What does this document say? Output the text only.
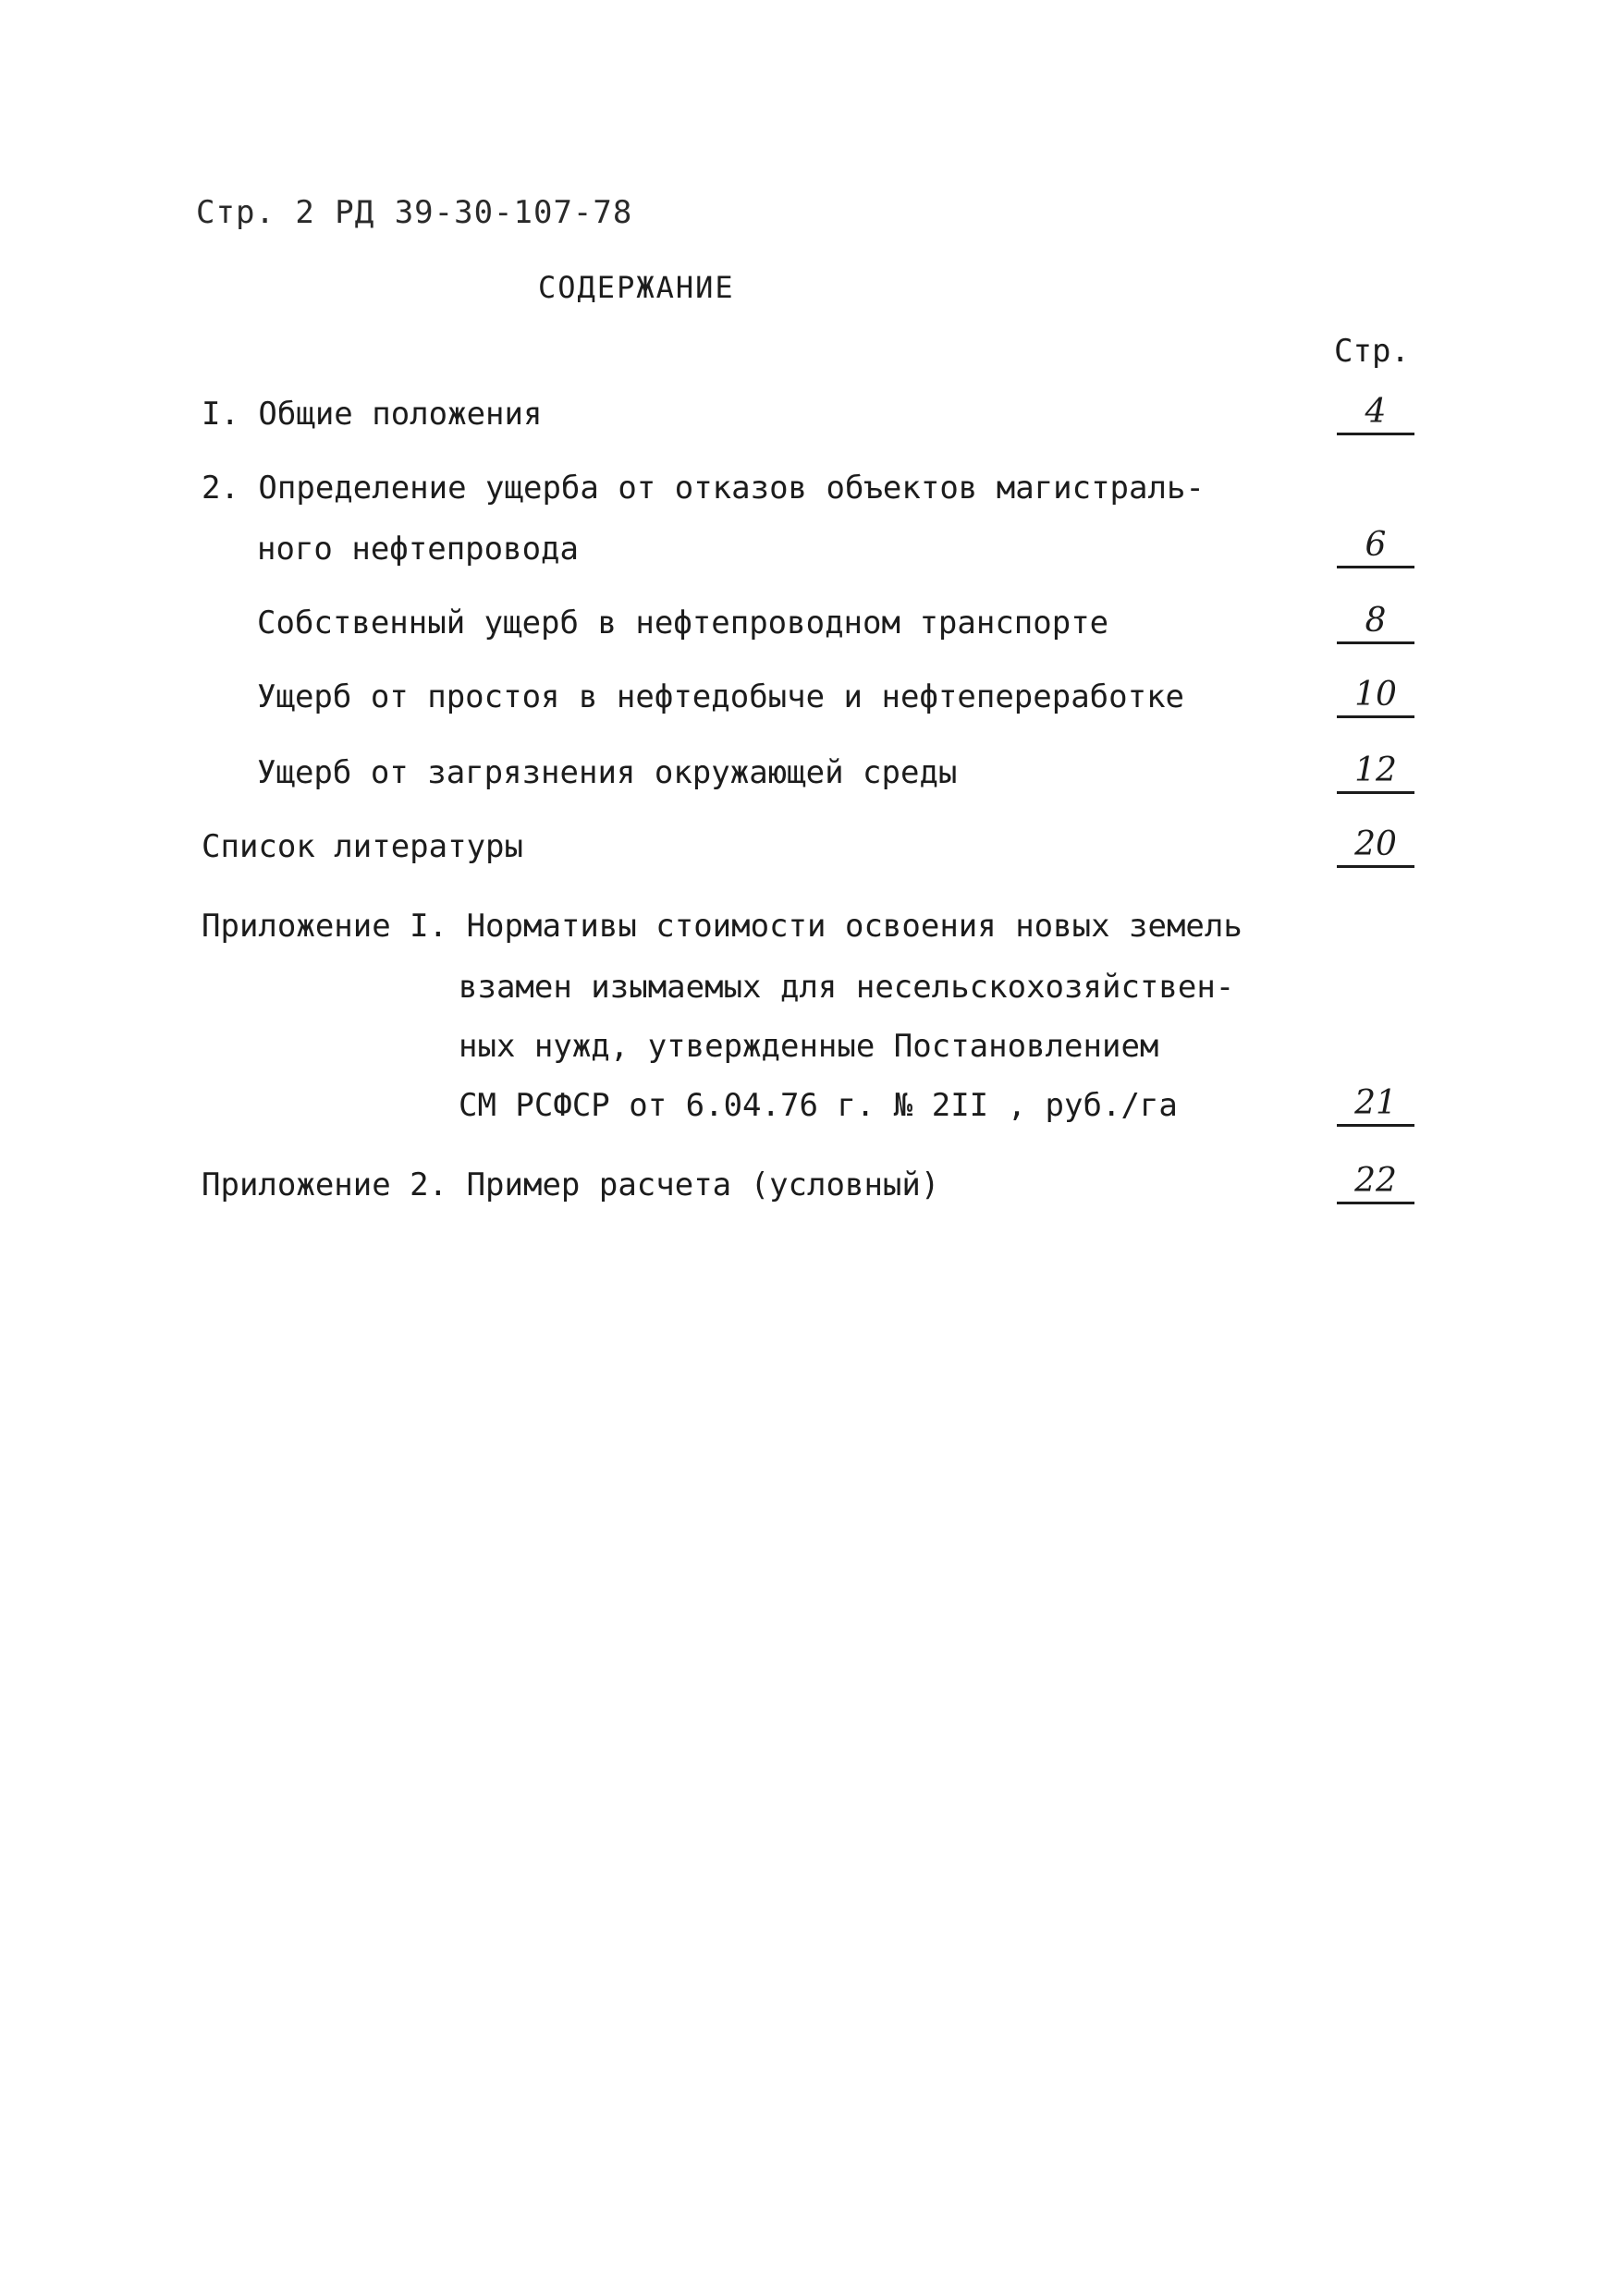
Стр. 2 РД 39-30-107-78
СОДЕРЖАНИЕ
Стр.
I. Общие положения	4
2. Определение ущерба от отказов объектов магистраль-
ного нефтепровода	6
Собственный ущерб в нефтепроводном транспорте	8
Ущерб от простоя в нефтедобыче и нефтепереработке	10
Ущерб от загрязнения окружающей среды	12
Список литературы	20
Приложение I. Нормативы стоимости освоения новых земель
взамен изымаемых для несельскохозяйствен-
ных нужд, утвержденные Постановлением
СМ РСФСР от 6.04.76 г. № 2II , руб./га	21
Приложение 2. Пример расчета (условный)	22
